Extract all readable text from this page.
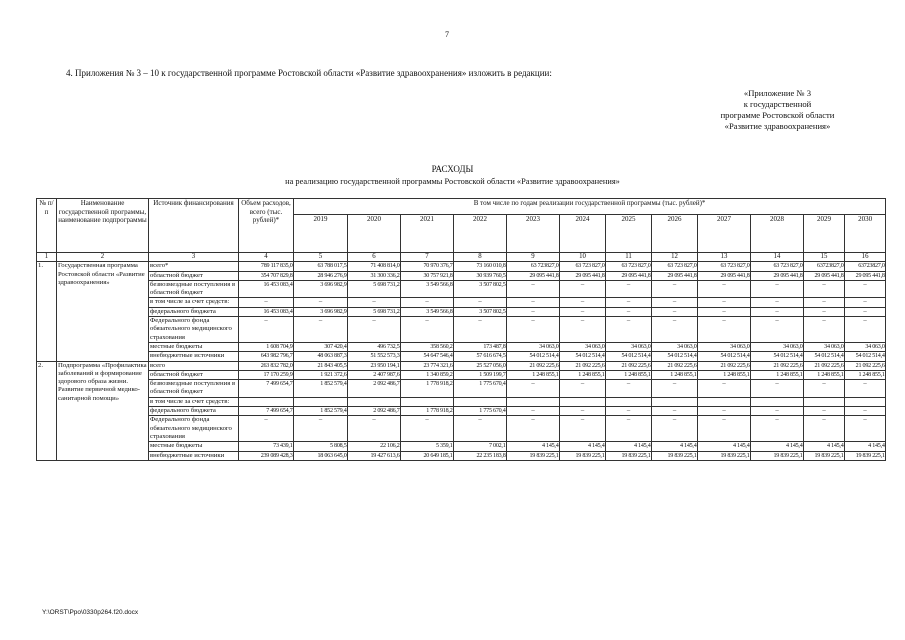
7
4. Приложения № 3 – 10 к государственной программе Ростовской области «Развитие здравоохранения» изложить в редакции:
«Приложение № 3
к государственной
программе Ростовской области
«Развитие здравоохранения»
РАСХОДЫ
на реализацию государственной программы Ростовской области «Развитие здравоохранения»
№ п/п	Наименование государственной программы, наименование подпрограммы	Источник финансирования	Объем расходов, всего (тыс. рублей)*	В том числе по годам реализации государственной программы (тыс. рублей)*											
				2019	2020	2021	2022	2023	2024	2025	2026	2027	2028	2029	2030
1	2	3	4	5	6	7	8	9	10	11	12	13	14	15	16
1.	Государственная программа Ростовской области «Развитие здравоохранения»	всего*	789 117 835,0	63 788 017,5	71 408 814,0	70 970 376,7	73 160 010,8	63 723827,0	63 723 827,0	63 723 827,0	63 723 827,0	63 723 827,0	63 723 827,0	63723827,0	63723827,0
		областной бюджет	354 707 829,8	28 946 276,9	31 300 336,2	30 757 921,8	30 939 760,5	29 095 441,8	29 095 441,8	29 095 441,8	29 095 441,8	29 095 441,8	29 095 441,8	29 095 441,8	29 095 441,8
		безвозмездные поступления в областной бюджет	16 453 083,4	3 696 982,9	5 698 731,2	3 549 566,8	3 507 802,5	–	–	–	–	–	–	–	–
		в том числе за счет средств:	–	–	–	–	–	–	–	–	–	–	–	–	–
		федерального бюджета	16 453 083,4	3 696 982,9	5 698 731,2	3 549 566,8	3 507 802,5	–	–	–	–	–	–	–	–
		Федерального фонда обязательного медицинского страхования	–	–	–	–	–	–	–	–	–	–	–	–	–
		местные бюджеты	1 608 704,9	307 420,4	496 732,5	358 560,2	173 487,8	34 063,0	34 063,0	34 063,0	34 063,0	34 063,0	34 063,0	34 063,0	34 063,0
		внебюджетные источники	643 982 796,7	48 063 887,3	51 552 573,3	54 647 546,4	57 616 674,5	54 012 514,4	54 012 514,4	54 012 514,4	54 012 514,4	54 012 514,4	54 012 514,4	54 012 514,4	54 012 514,4
2.	Подпрограмма «Профилактика заболеваний и формирование здорового образа жизни. Развитие первичной медико-санитарной помощи»	всего	263 832 782,0	21 843 405,5	23 950 194,1	23 774 321,6	25 527 056,0	21 092 225,6	21 092 225,6	21 092 225,6	21 092 225,6	21 092 225,6	21 092 225,6	21 092 225,6	21 092 225,6
		областной бюджет	17 170 259,9	1 921 372,6	2 407 987,6	1 340 859,2	1 509 199,7	1 248 855,1	1 248 855,1	1 248 855,1	1 248 855,1	1 248 855,1	1 248 855,1	1 248 855,1	1 248 855,1
		безвозмездные поступления в областной бюджет	7 499 654,7	1 852 579,4	2 092 486,7	1 778 918,2	1 775 670,4	–	–	–	–	–	–	–	–
		в том числе за счет средств:													
		федерального бюджета	7 499 654,7	1 852 579,4	2 092 486,7	1 778 918,2	1 775 670,4	–	–	–	–	–	–	–	–
		Федерального фонда обязательного медицинского страхования	–	–	–	–	–	–	–	–	–	–	–	–	–
		местные бюджеты	73 439,1	5 808,5	22 106,2	5 359,1	7 002,1	4 145,4	4 145,4	4 145,4	4 145,4	4 145,4	4 145,4	4 145,4	4 145,4
		внебюджетные источники	239 089 428,3	18 063 645,0	19 427 613,6	20 649 185,1	22 235 183,8	19 839 225,1	19 839 225,1	19 839 225,1	19 839 225,1	19 839 225,1	19 839 225,1	19 839 225,1	19 839 225,1
Y:\ORST\Ppo\0330p264.f20.docx
